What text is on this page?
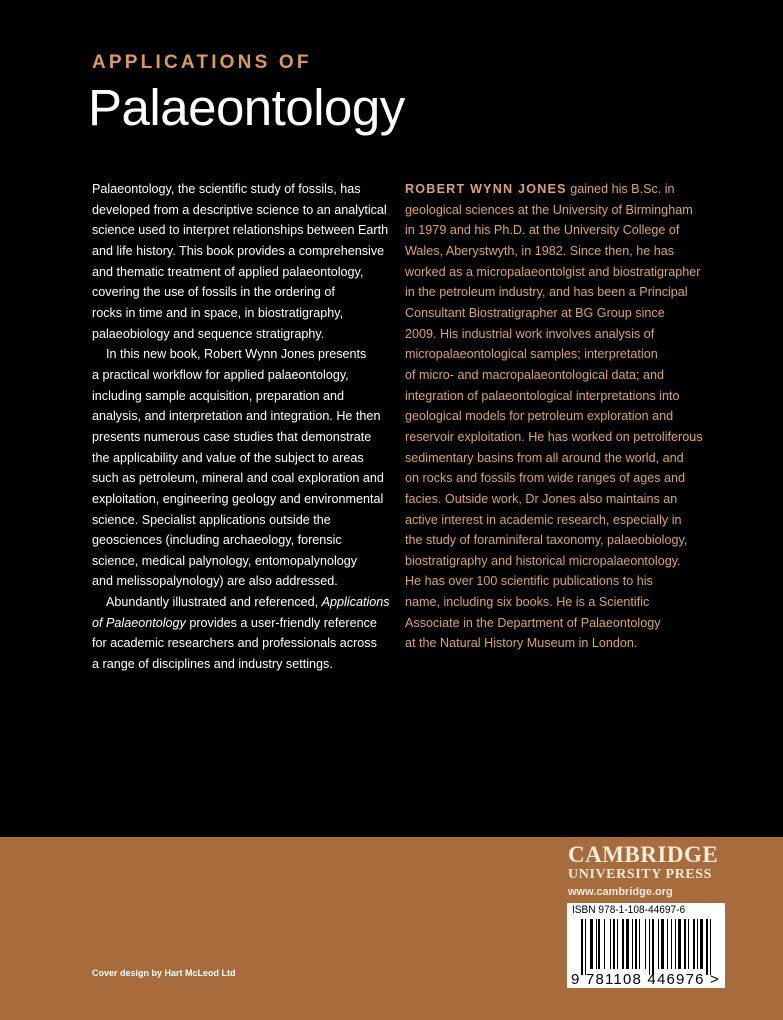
APPLICATIONS OF
Palaeontology
Palaeontology, the scientific study of fossils, has
developed from a descriptive science to an analytical
science used to interpret relationships between Earth
and life history. This book provides a comprehensive
and thematic treatment of applied palaeontology,
covering the use of fossils in the ordering of
rocks in time and in space, in biostratigraphy,
palaeobiology and sequence stratigraphy.
In this new book, Robert Wynn Jones presents
a practical workflow for applied palaeontology,
including sample acquisition, preparation and
analysis, and interpretation and integration. He then
presents numerous case studies that demonstrate
the applicability and value of the subject to areas
such as petroleum, mineral and coal exploration and
exploitation, engineering geology and environmental
science. Specialist applications outside the
geosciences (including archaeology, forensic
science, medical palynology, entomopalynology
and melissopalynology) are also addressed.
Abundantly illustrated and referenced, Applications
of Palaeontology provides a user-friendly reference
for academic researchers and professionals across
a range of disciplines and industry settings.
ROBERT WYNN JONES gained his B.Sc. in
geological sciences at the University of Birmingham
in 1979 and his Ph.D. at the University College of
Wales, Aberystwyth, in 1982. Since then, he has
worked as a micropalaeontolgist and biostratigrapher
in the petroleum industry, and has been a Principal
Consultant Biostratigrapher at BG Group since
2009. His industrial work involves analysis of
micropalaeontological samples; interpretation
of micro- and macropalaeontological data; and
integration of palaeontological interpretations into
geological models for petroleum exploration and
reservoir exploitation. He has worked on petroliferous
sedimentary basins from all around the world, and
on rocks and fossils from wide ranges of ages and
facies. Outside work, Dr Jones also maintains an
active interest in academic research, especially in
the study of foraminiferal taxonomy, palaeobiology,
biostratigraphy and historical micropalaeontology.
He has over 100 scientific publications to his
name, including six books. He is a Scientific
Associate in the Department of Palaeontology
at the Natural History Museum in London.
Cover design by Hart McLeod Ltd
CAMBRIDGE
UNIVERSITY PRESS
www.cambridge.org
ISBN 978-1-108-44697-6
9 781108 446976 >
